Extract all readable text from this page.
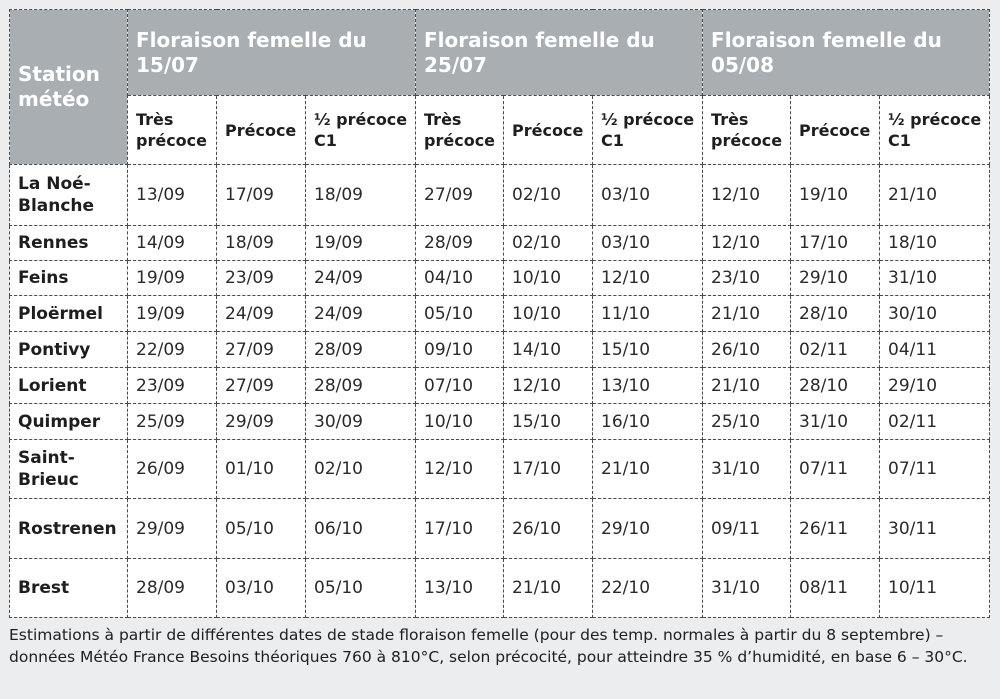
Station météo	Floraison femelle du 15/07			Floraison femelle du 25/07			Floraison femelle du 05/08		
	Très précoce	Précoce	½ précoce C1	Très précoce	Précoce	½ précoce C1	Très précoce	Précoce	½ précoce C1
La Noé-Blanche	13/09	17/09	18/09	27/09	02/10	03/10	12/10	19/10	21/10
Rennes	14/09	18/09	19/09	28/09	02/10	03/10	12/10	17/10	18/10
Feins	19/09	23/09	24/09	04/10	10/10	12/10	23/10	29/10	31/10
Ploërmel	19/09	24/09	24/09	05/10	10/10	11/10	21/10	28/10	30/10
Pontivy	22/09	27/09	28/09	09/10	14/10	15/10	26/10	02/11	04/11
Lorient	23/09	27/09	28/09	07/10	12/10	13/10	21/10	28/10	29/10
Quimper	25/09	29/09	30/09	10/10	15/10	16/10	25/10	31/10	02/11
Saint-Brieuc	26/09	01/10	02/10	12/10	17/10	21/10	31/10	07/11	07/11
Rostrenen	29/09	05/10	06/10	17/10	26/10	29/10	09/11	26/11	30/11
Brest	28/09	03/10	05/10	13/10	21/10	22/10	31/10	08/11	10/11

Estimations à partir de différentes dates de stade floraison femelle (pour des temp. normales à partir du 8 septembre) – données Météo France Besoins théoriques 760 à 810°C, selon précocité, pour atteindre 35 % d’humidité, en base 6 – 30°C.
